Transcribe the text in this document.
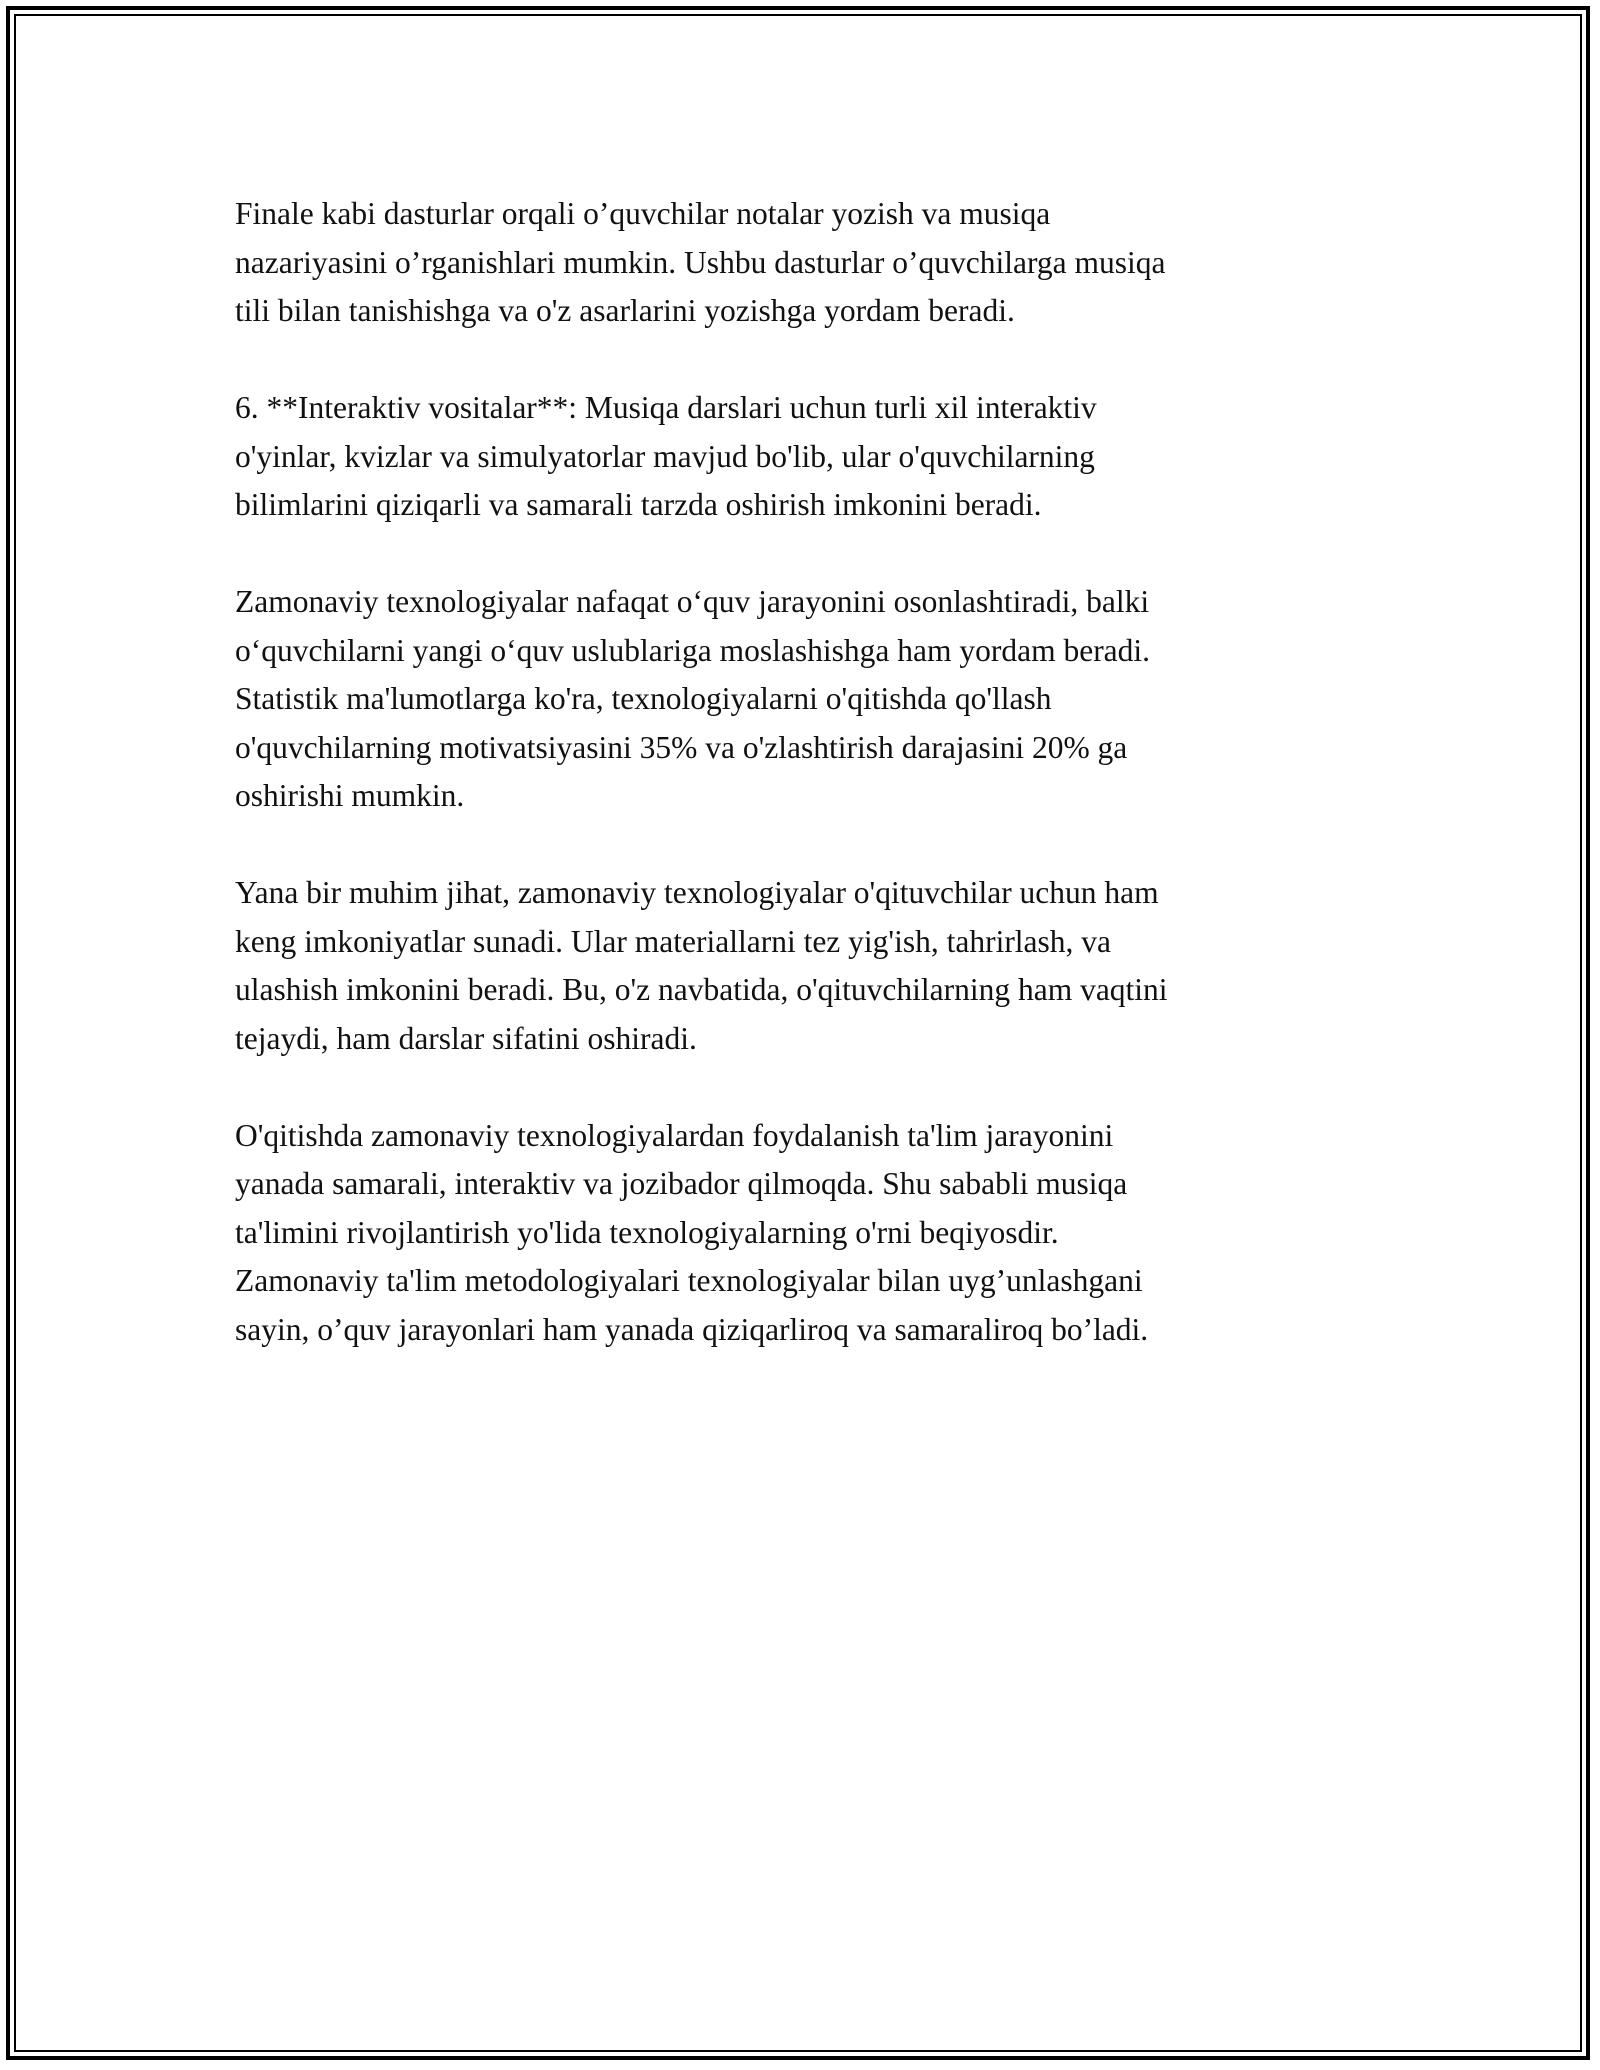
Finale kabi dasturlar orqali o’quvchilar notalar yozish va musiqa
nazariyasini o’rganishlari mumkin. Ushbu dasturlar o’quvchilarga musiqa
tili bilan tanishishga va o'z asarlarini yozishga yordam beradi.

6. **Interaktiv vositalar**: Musiqa darslari uchun turli xil interaktiv
o'yinlar, kvizlar va simulyatorlar mavjud bo'lib, ular o'quvchilarning
bilimlarini qiziqarli va samarali tarzda oshirish imkonini beradi.

Zamonaviy texnologiyalar nafaqat o‘quv jarayonini osonlashtiradi, balki
o‘quvchilarni yangi o‘quv uslublariga moslashishga ham yordam beradi.
Statistik ma'lumotlarga ko'ra, texnologiyalarni o'qitishda qo'llash
o'quvchilarning motivatsiyasini 35% va o'zlashtirish darajasini 20% ga
oshirishi mumkin.

Yana bir muhim jihat, zamonaviy texnologiyalar o'qituvchilar uchun ham
keng imkoniyatlar sunadi. Ular materiallarni tez yig'ish, tahrirlash, va
ulashish imkonini beradi. Bu, o'z navbatida, o'qituvchilarning ham vaqtini
tejaydi, ham darslar sifatini oshiradi.

O'qitishda zamonaviy texnologiyalardan foydalanish ta'lim jarayonini
yanada samarali, interaktiv va jozibador qilmoqda. Shu sababli musiqa
ta'limini rivojlantirish yo'lida texnologiyalarning o'rni beqiyosdir.
Zamonaviy ta'lim metodologiyalari texnologiyalar bilan uyg’unlashgani
sayin, o’quv jarayonlari ham yanada qiziqarliroq va samaraliroq bo’ladi.
